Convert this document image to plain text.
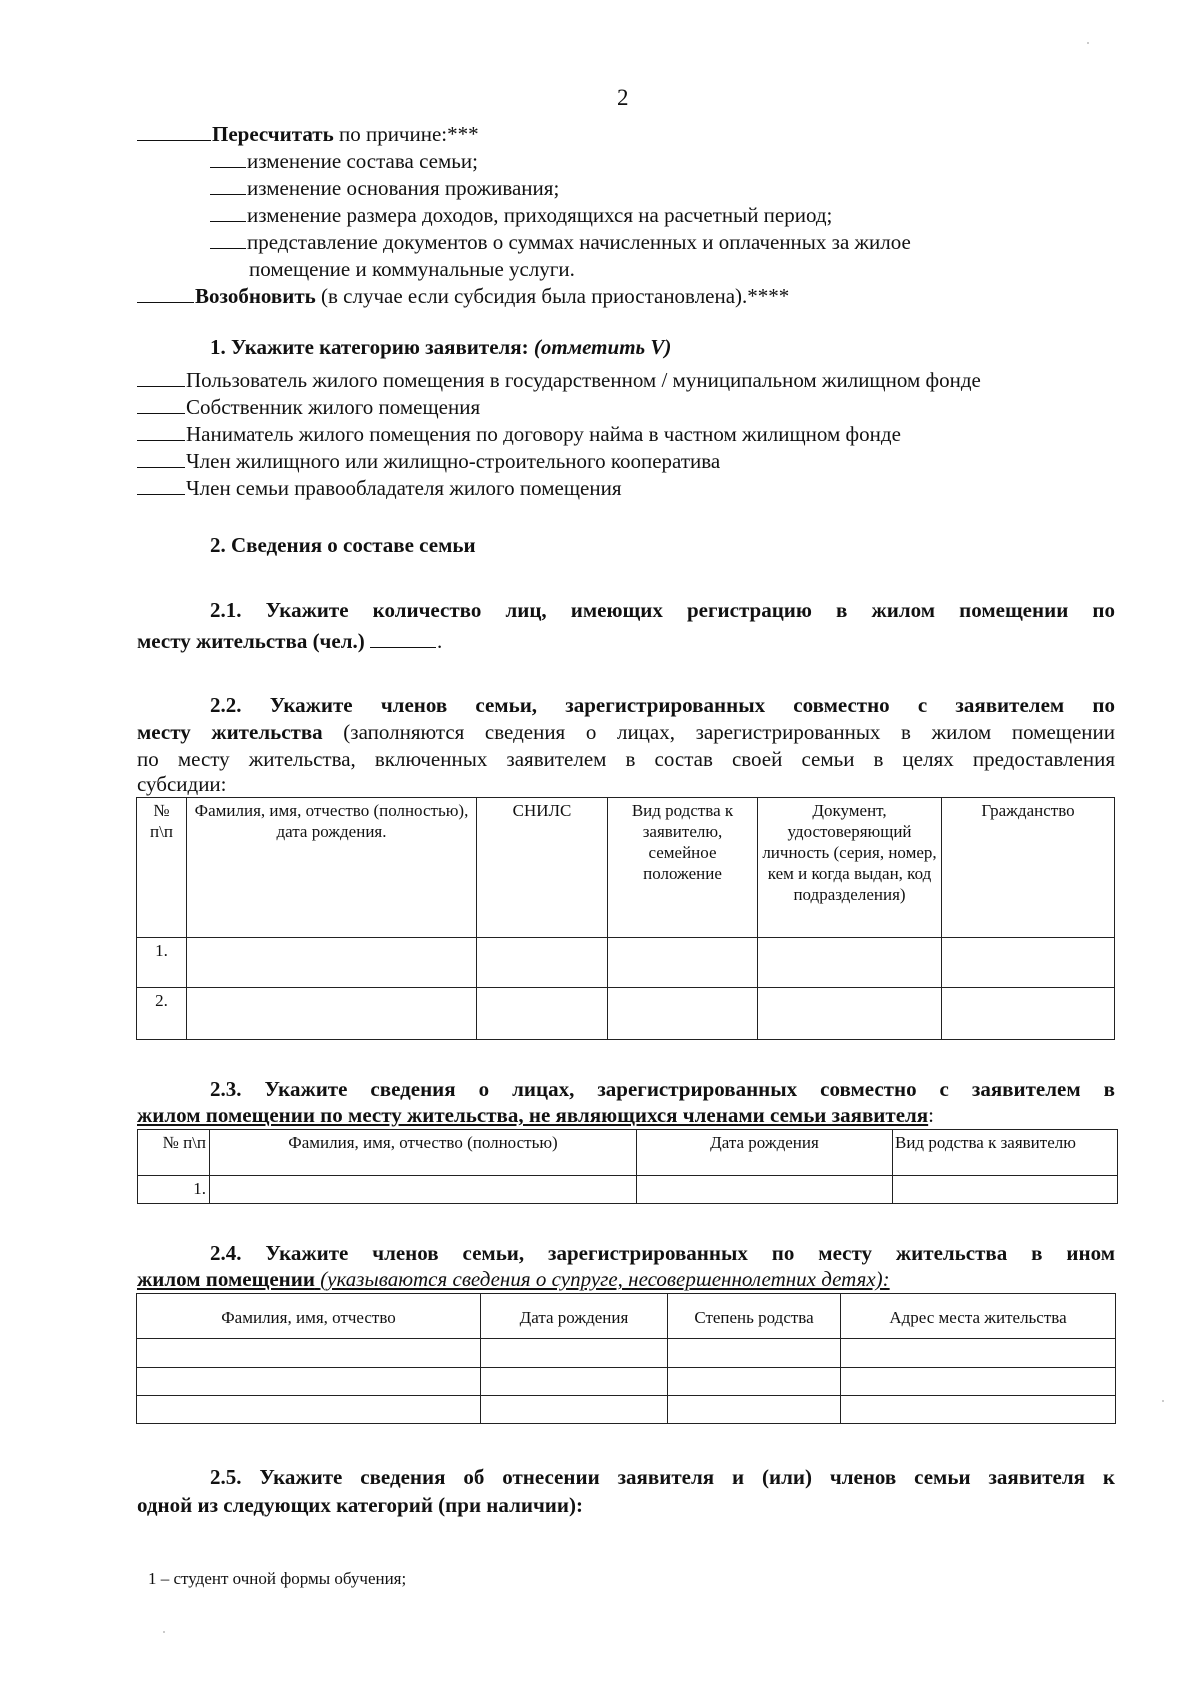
2
Пересчитать по причине:***
изменение состава семьи;
изменение основания проживания;
изменение размера доходов, приходящихся на расчетный период;
представление документов о суммах начисленных и оплаченных за жилое
помещение и коммунальные услуги.
Возобновить (в случае если субсидия была приостановлена).****
1. Укажите категорию заявителя: (отметить V)
Пользователь жилого помещения в государственном / муниципальном жилищном фонде
Собственник жилого помещения
Наниматель жилого помещения по договору найма в частном жилищном фонде
Член жилищного или жилищно-строительного кооператива
Член семьи правообладателя жилого помещения
2. Сведения о составе семьи
2.1. Укажите количество лиц, имеющих регистрацию в жилом помещении по
месту жительства (чел.)	.
2.2. Укажите членов семьи, зарегистрированных совместно с заявителем по
месту жительства (заполняются сведения о лицах, зарегистрированных в жилом помещении
по месту жительства, включенных заявителем в состав своей семьи в целях предоставления
субсидии:
№ п\п	Фамилия, имя, отчество (полностью), дата рождения.	СНИЛС	Вид родства к заявителю, семейное положение	Документ, удостоверяющий личность (серия, номер, кем и когда выдан, код подразделения)	Гражданство
1.					
2.					
2.3. Укажите сведения о лицах, зарегистрированных совместно с заявителем в
жилом помещении по месту жительства, не являющихся членами семьи заявителя:
№ п\п	Фамилия, имя, отчество (полностью)	Дата рождения	Вид родства к заявителю
1.			
2.4. Укажите членов семьи, зарегистрированных по месту жительства в ином
жилом помещении (указываются сведения о супруге, несовершеннолетних детях):
Фамилия, имя, отчество	Дата рождения	Степень родства	Адрес места жительства

2.5. Укажите сведения об отнесении заявителя и (или) членов семьи заявителя к
одной из следующих категорий (при наличии):
1 – студент очной формы обучения;
